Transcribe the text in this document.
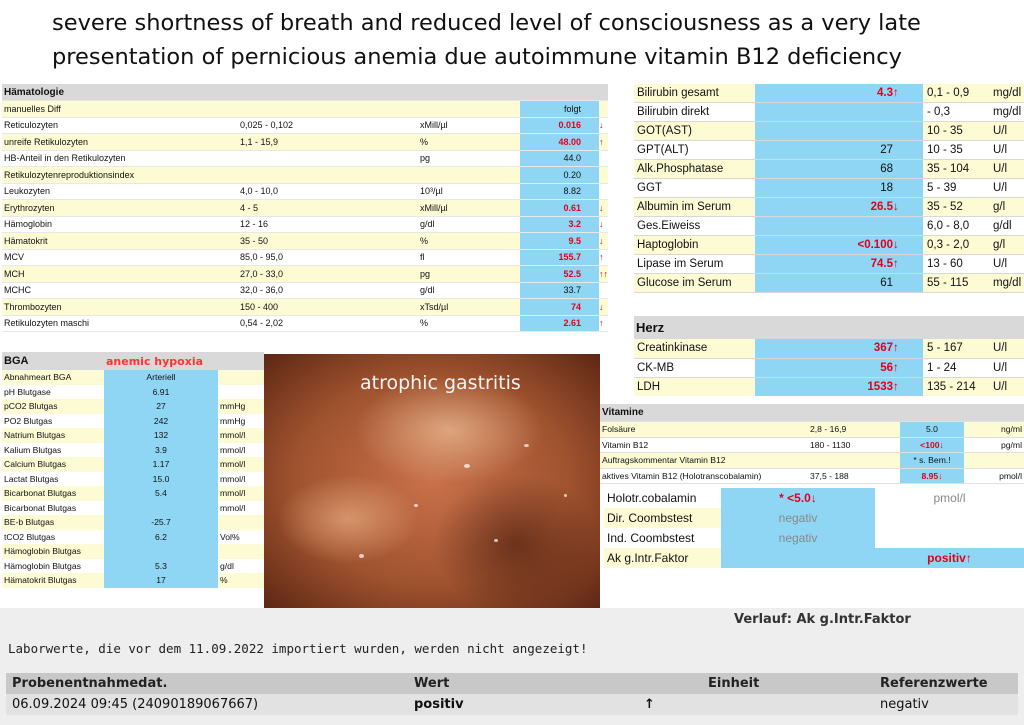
severe shortness of breath and reduced level of consciousness as a very late presentation of pernicious anemia due autoimmune vitamin B12 deficiency
Hämatologie				
manuelles Diff			folgt	
Reticulozyten	0,025 - 0,102	xMill/µl	0.016	↓
unreife Retikulozyten	1,1 - 15,9	%	48.00	↑
HB-Anteil in den Retikulozyten		pg	44.0	
Retikulozytenreproduktionsindex			0.20	
Leukozyten	4,0 - 10,0	10³/µl	8.82	
Erythrozyten	4 - 5	xMill/µl	0.61	↓
Hämoglobin	12 - 16	g/dl	3.2	↓
Hämatokrit	35 - 50	%	9.5	↓
MCV	85,0 - 95,0	fl	155.7	↑
MCH	27,0 - 33,0	pg	52.5	↑↑
MCHC	32,0 - 36,0	g/dl	33.7	
Thrombozyten	150 - 400	xTsd/µl	74	↓
Retikulozyten maschi	0,54 - 2,02	%	2.61	↑
BGA	anemic hypoxia	
Abnahmeart BGA	Arteriell	
pH Blutgase	6.91	
pCO2 Blutgas	27	mmHg
PO2 Blutgas	242	mmHg
Natrium Blutgas	132	mmol/l
Kalium Blutgas	3.9	mmol/l
Calcium Blutgas	1.17	mmol/l
Lactat Blutgas	15.0	mmol/l
Bicarbonat Blutgas	5.4	mmol/l
Bicarbonat Blutgas		mmol/l
BE-b Blutgas	-25.7	
tCO2 Blutgas	6.2	Vol%
Hämoglobin Blutgas		
Hämoglobin Blutgas	5.3	g/dl
Hämatokrit Blutgas	17	%
atrophic gastritis
Bilirubin gesamt	4.3	↑	0,1 - 0,9	mg/dl
Bilirubin direkt			- 0,3	mg/dl
GOT(AST)			10 - 35	U/l
GPT(ALT)	27		10 - 35	U/l
Alk.Phosphatase	68		35 - 104	U/l
GGT	18		5 - 39	U/l
Albumin im Serum	26.5	↓	35 - 52	g/l
Ges.Eiweiss			6,0 - 8,0	g/dl
Haptoglobin	<0.100	↓	0,3 - 2,0	g/l
Lipase im Serum	74.5	↑	13 - 60	U/l
Glucose im Serum	61		55 - 115	mg/dl
Herz				
Creatinkinase	367	↑	5 - 167	U/l
CK-MB	56	↑	1 - 24	U/l
LDH	1533	↑	135 - 214	U/l
Vitamine			
Folsäure	2,8 - 16,9	5.0	ng/ml
Vitamin B12	180 - 1130	<100↓	pg/ml
Auftragskommentar Vitamin B12		* s. Bem.!	
aktives Vitamin B12 (Holotranscobalamin)	37,5 - 188	8.95↓	pmol/l
Holotr.cobalamin	* <5.0↓	pmol/l
Dir. Coombstest	negativ	
Ind. Coombstest	negativ	
Ak g.Intr.Faktor		positiv↑
Verlauf: Ak g.Intr.Faktor
Laborwerte, die vor dem 11.09.2022 importiert wurden, werden nicht angezeigt!
Probenentnahmedat.	Wert		Einheit	Referenzwerte
06.09.2024 09:45 (24090189067667)	positiv	↑		negativ
